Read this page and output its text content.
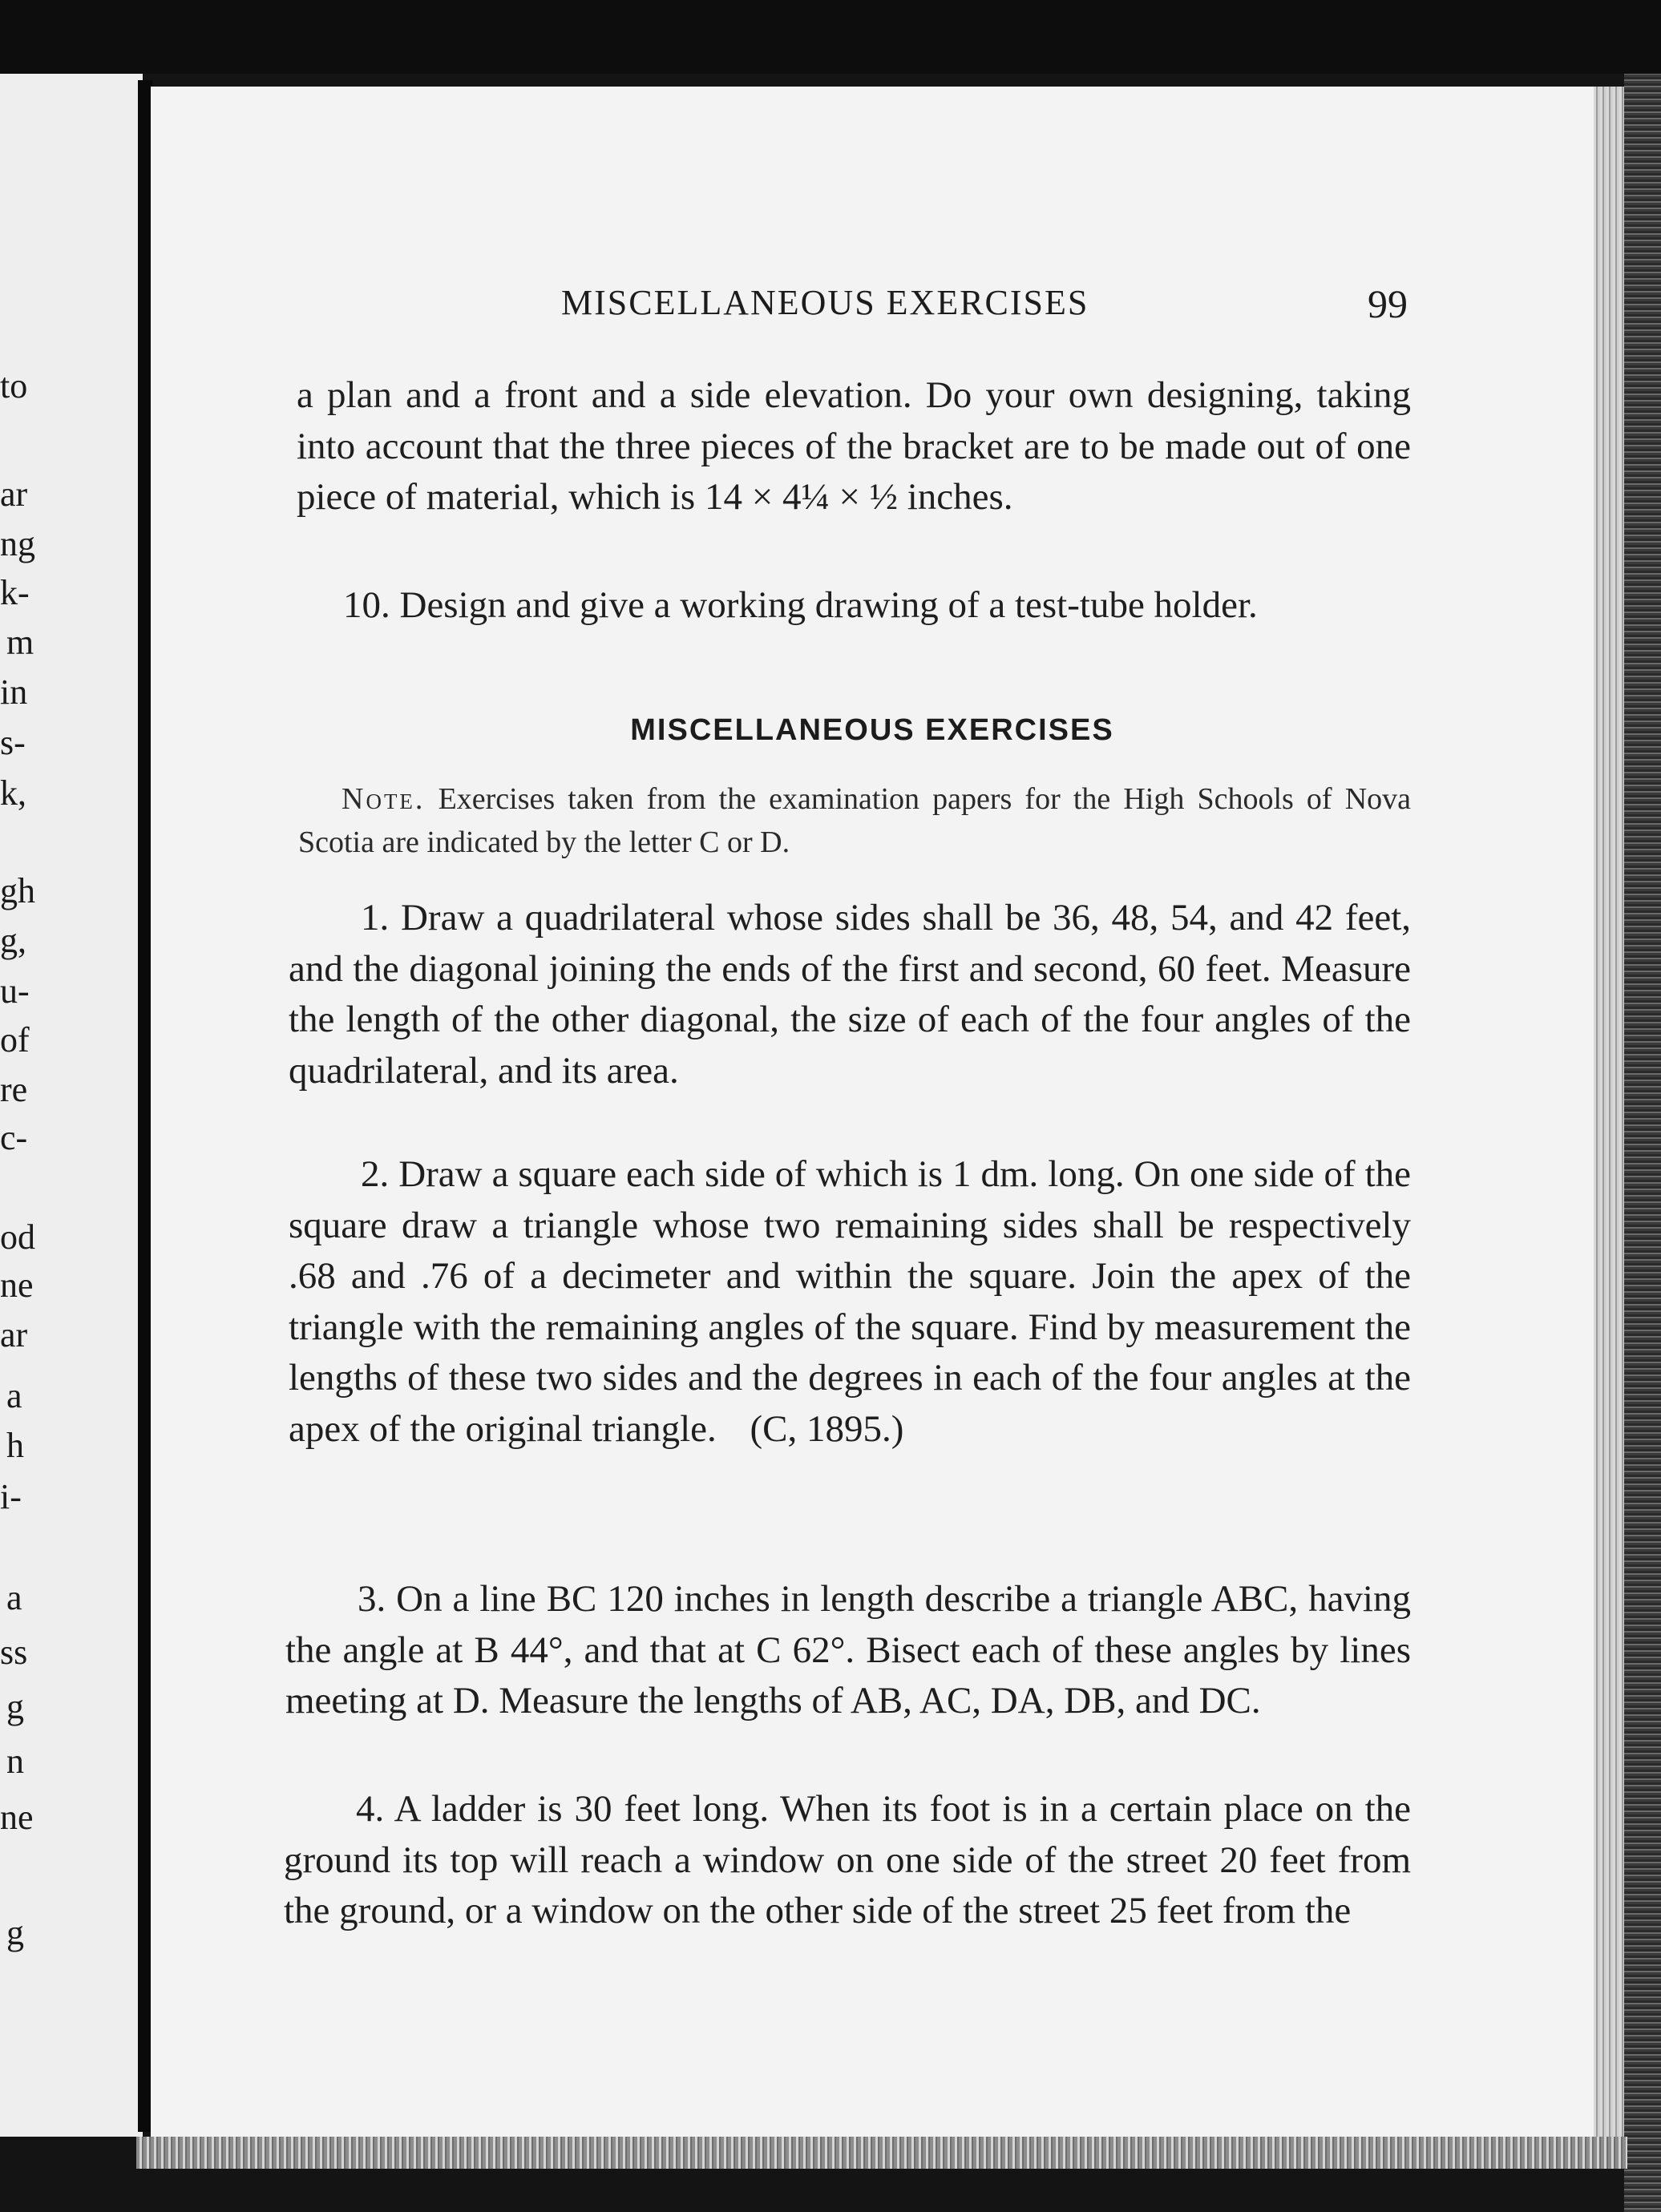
to
ar
ng
k-
m
in
s-
k,
gh
g,
u-
of
re
c-
od
ne
ar
a
h
i-
a
ss
g
n
ne
g
MISCELLANEOUS EXERCISES	99
a plan and a front and a side elevation. Do your own designing, taking into account that the three pieces of the bracket are to be made out of one piece of material, which is 14 × 4¼ × ½ inches.
10. Design and give a working drawing of a test-tube holder.
MISCELLANEOUS EXERCISES
Note. Exercises taken from the examination papers for the High Schools of Nova Scotia are indicated by the letter C or D.
1. Draw a quadrilateral whose sides shall be 36, 48, 54, and 42 feet, and the diagonal joining the ends of the first and second, 60 feet. Measure the length of the other diagonal, the size of each of the four angles of the quadrilateral, and its area.
2. Draw a square each side of which is 1 dm. long. On one side of the square draw a triangle whose two remaining sides shall be respectively .68 and .76 of a decimeter and within the square. Join the apex of the triangle with the remaining angles of the square. Find by measurement the lengths of these two sides and the degrees in each of the four angles at the apex of the original triangle. (C, 1895.)
3. On a line BC 120 inches in length describe a triangle ABC, having the angle at B 44°, and that at C 62°. Bisect each of these angles by lines meeting at D. Measure the lengths of AB, AC, DA, DB, and DC.
4. A ladder is 30 feet long. When its foot is in a certain place on the ground its top will reach a window on one side of the street 20 feet from the ground, or a window on the other side of the street 25 feet from the
